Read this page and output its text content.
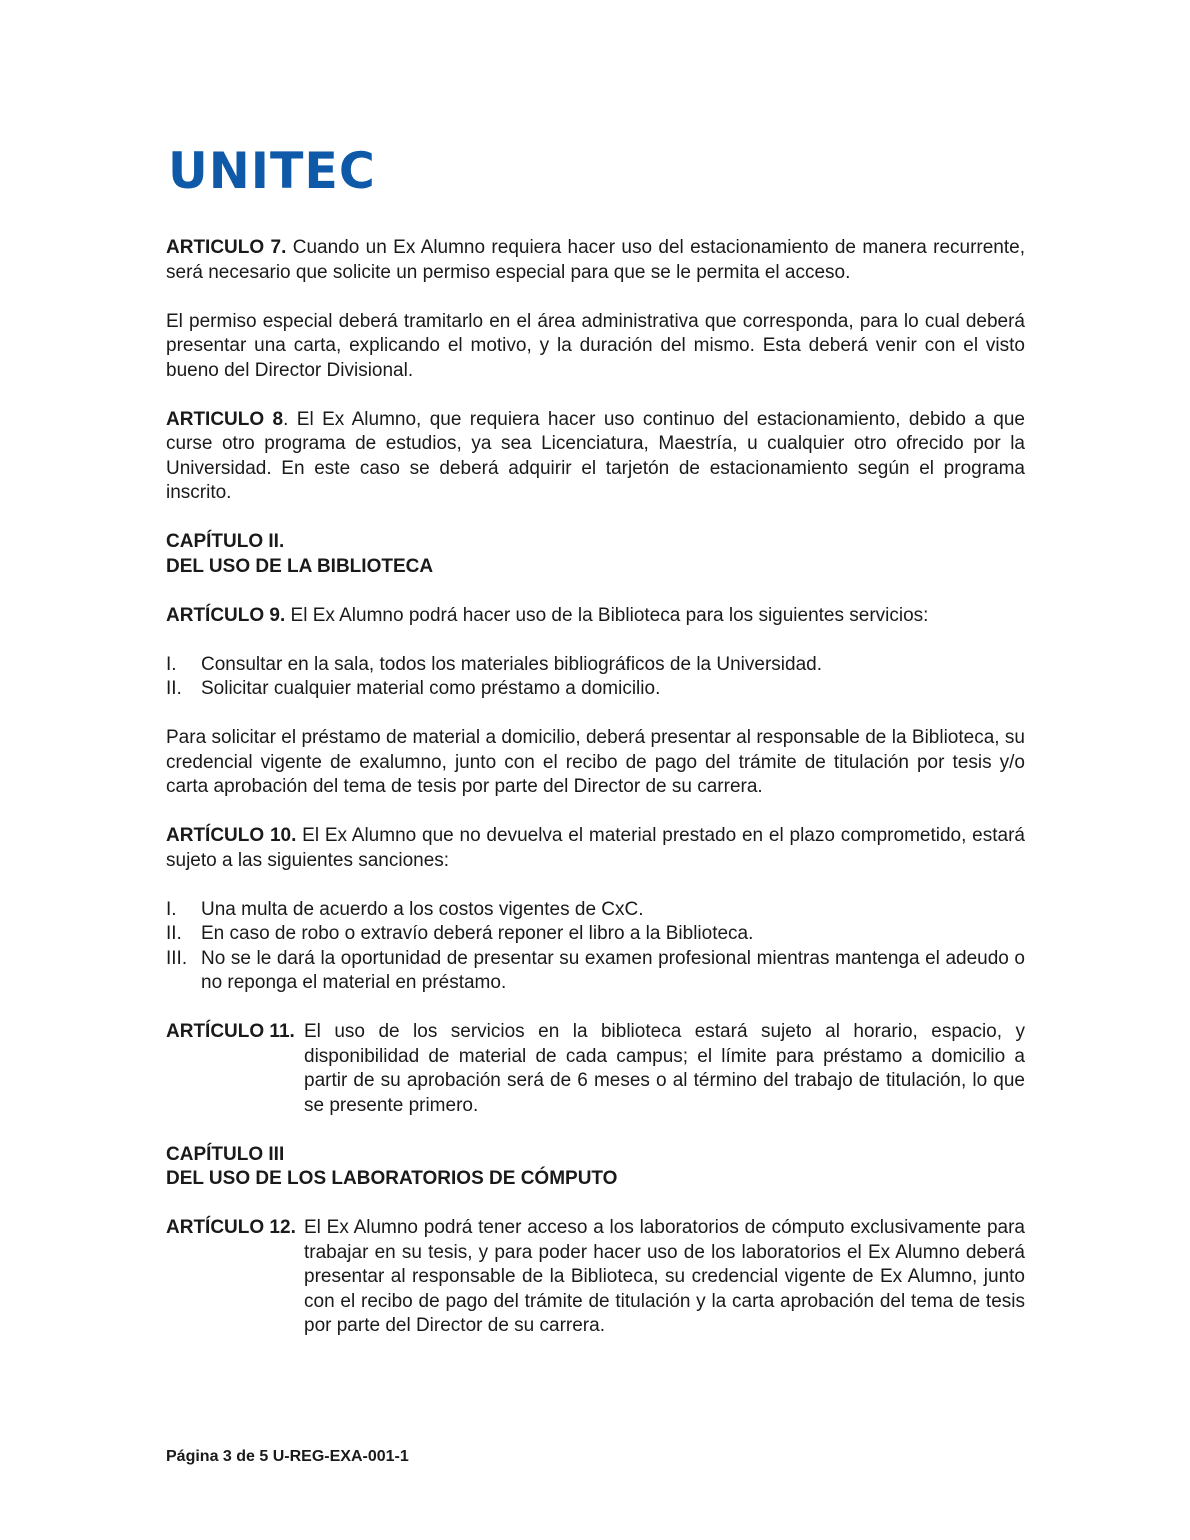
UNITEC

ARTICULO 7. Cuando un Ex Alumno requiera hacer uso del estacionamiento de manera recurrente, será necesario que solicite un permiso especial para que se le permita el acceso.

El permiso especial deberá tramitarlo en el área administrativa que corresponda, para lo cual deberá presentar una carta, explicando el motivo, y la duración del mismo. Esta deberá venir con el visto bueno del Director Divisional.

ARTICULO 8. El Ex Alumno, que requiera hacer uso continuo del estacionamiento, debido a que curse otro programa de estudios, ya sea Licenciatura, Maestría, u cualquier otro ofrecido por la Universidad. En este caso se deberá adquirir el tarjetón de estacionamiento según el programa inscrito.

CAPÍTULO II.
DEL USO DE LA BIBLIOTECA

ARTÍCULO 9. El Ex Alumno podrá hacer uso de la Biblioteca para los siguientes servicios:

I. Consultar en la sala, todos los materiales bibliográficos de la Universidad.
II. Solicitar cualquier material como préstamo a domicilio.

Para solicitar el préstamo de material a domicilio, deberá presentar al responsable de la Biblioteca, su credencial vigente de exalumno, junto con el recibo de pago del trámite de titulación por tesis y/o carta aprobación del tema de tesis por parte del Director de su carrera.

ARTÍCULO 10. El Ex Alumno que no devuelva el material prestado en el plazo comprometido, estará sujeto a las siguientes sanciones:

I. Una multa de acuerdo a los costos vigentes de CxC.
II. En caso de robo o extravío deberá reponer el libro a la Biblioteca.
III. No se le dará la oportunidad de presentar su examen profesional mientras mantenga el adeudo o no reponga el material en préstamo.
ARTÍCULO 11. El uso de los servicios en la biblioteca estará sujeto al horario, espacio, y disponibilidad de material de cada campus; el límite para préstamo a domicilio a partir de su aprobación será de 6 meses o al término del trabajo de titulación, lo que se presente primero.
CAPÍTULO III
DEL USO DE LOS LABORATORIOS DE CÓMPUTO
ARTÍCULO 12. El Ex Alumno podrá tener acceso a los laboratorios de cómputo exclusivamente para trabajar en su tesis, y para poder hacer uso de los laboratorios el Ex Alumno deberá presentar al responsable de la Biblioteca, su credencial vigente de Ex Alumno, junto con el recibo de pago del trámite de titulación y la carta aprobación del tema de tesis por parte del Director de su carrera.
Página 3 de 5 U-REG-EXA-001-1
